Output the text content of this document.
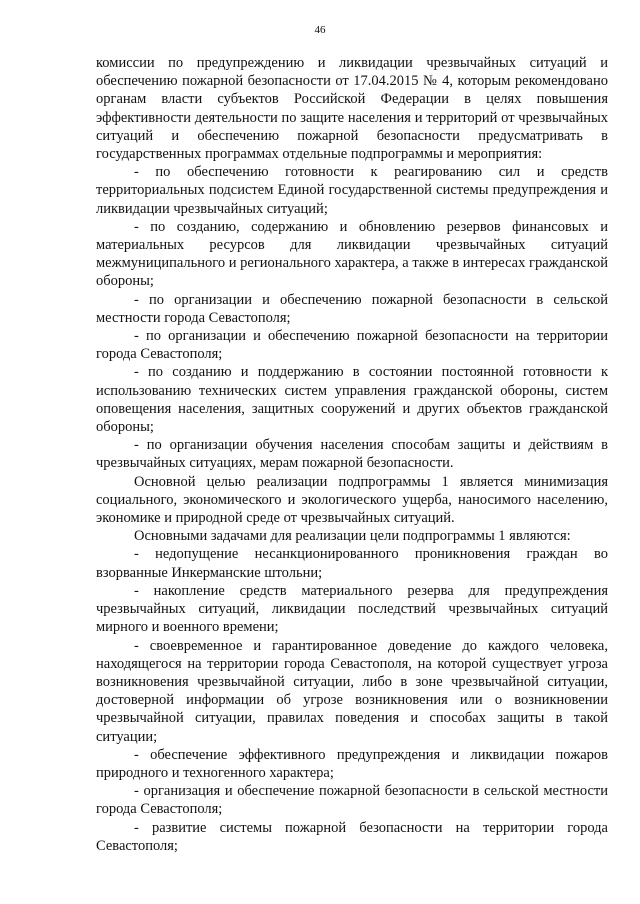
46

комиссии по предупреждению и ликвидации чрезвычайных ситуаций и обеспечению пожарной безопасности от 17.04.2015 № 4, которым рекомендовано органам власти субъектов Российской Федерации в целях повышения эффективности деятельности по защите населения и территорий от чрезвычайных ситуаций и обеспечению пожарной безопасности предусматривать в государственных программах отдельные подпрограммы и мероприятия:

- по обеспечению готовности к реагированию сил и средств территориальных подсистем Единой государственной системы предупреждения и ликвидации чрезвычайных ситуаций;

- по созданию, содержанию и обновлению резервов финансовых и материальных ресурсов для ликвидации чрезвычайных ситуаций межмуниципального и регионального характера, а также в интересах гражданской обороны;

- по организации и обеспечению пожарной безопасности в сельской местности города Севастополя;

- по организации и обеспечению пожарной безопасности на территории города Севастополя;

- по созданию и поддержанию в состоянии постоянной готовности к использованию технических систем управления гражданской обороны, систем оповещения населения, защитных сооружений и других объектов гражданской обороны;

- по организации обучения населения способам защиты и действиям в чрезвычайных ситуациях, мерам пожарной безопасности.

Основной целью реализации подпрограммы 1 является минимизация социального, экономического и экологического ущерба, наносимого населению, экономике и природной среде от чрезвычайных ситуаций.

Основными задачами для реализации цели подпрограммы 1 являются:

- недопущение несанкционированного проникновения граждан во взорванные Инкерманские штольни;

- накопление средств материального резерва для предупреждения чрезвычайных ситуаций, ликвидации последствий чрезвычайных ситуаций мирного и военного времени;

- своевременное и гарантированное доведение до каждого человека, находящегося на территории города Севастополя, на которой существует угроза возникновения чрезвычайной ситуации, либо в зоне чрезвычайной ситуации, достоверной информации об угрозе возникновения или о возникновении чрезвычайной ситуации, правилах поведения и способах защиты в такой ситуации;

- обеспечение эффективного предупреждения и ликвидации пожаров природного и техногенного характера;

- организация и обеспечение пожарной безопасности в сельской местности города Севастополя;

- развитие системы пожарной безопасности на территории города Севастополя;
